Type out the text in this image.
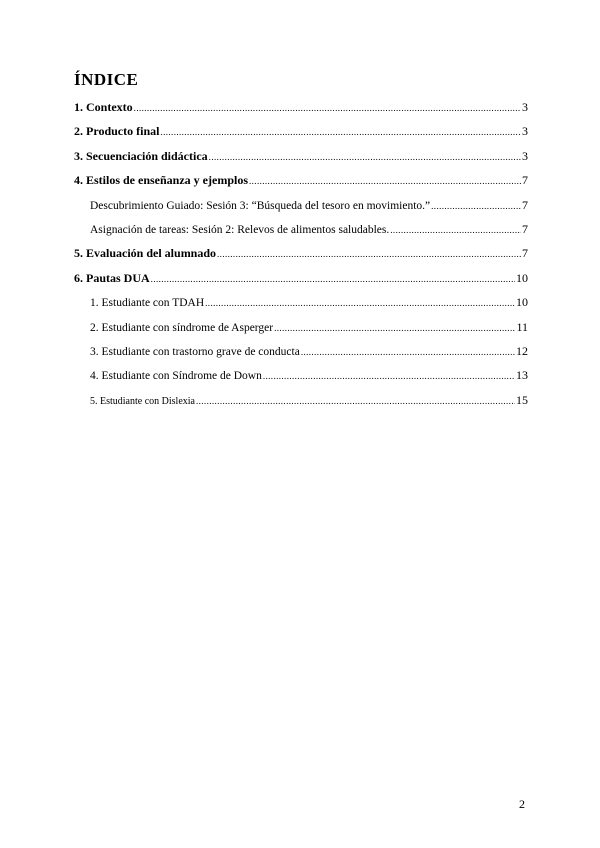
ÍNDICE
1. Contexto .....	3
2. Producto final .....	3
3. Secuenciación didáctica .....	3
4. Estilos de enseñanza y ejemplos .....	7
Descubrimiento Guiado: Sesión 3: “Búsqueda del tesoro en movimiento.” .....	7
Asignación de tareas: Sesión 2: Relevos de alimentos saludables. .....	7
5. Evaluación del alumnado .....	7
6. Pautas DUA .....	10
1. Estudiante con TDAH .....	10
2. Estudiante con síndrome de Asperger .....	11
3. Estudiante con trastorno grave de conducta .....	12
4. Estudiante con Síndrome de Down .....	13
5. Estudiante con Dislexia .....	15
2
